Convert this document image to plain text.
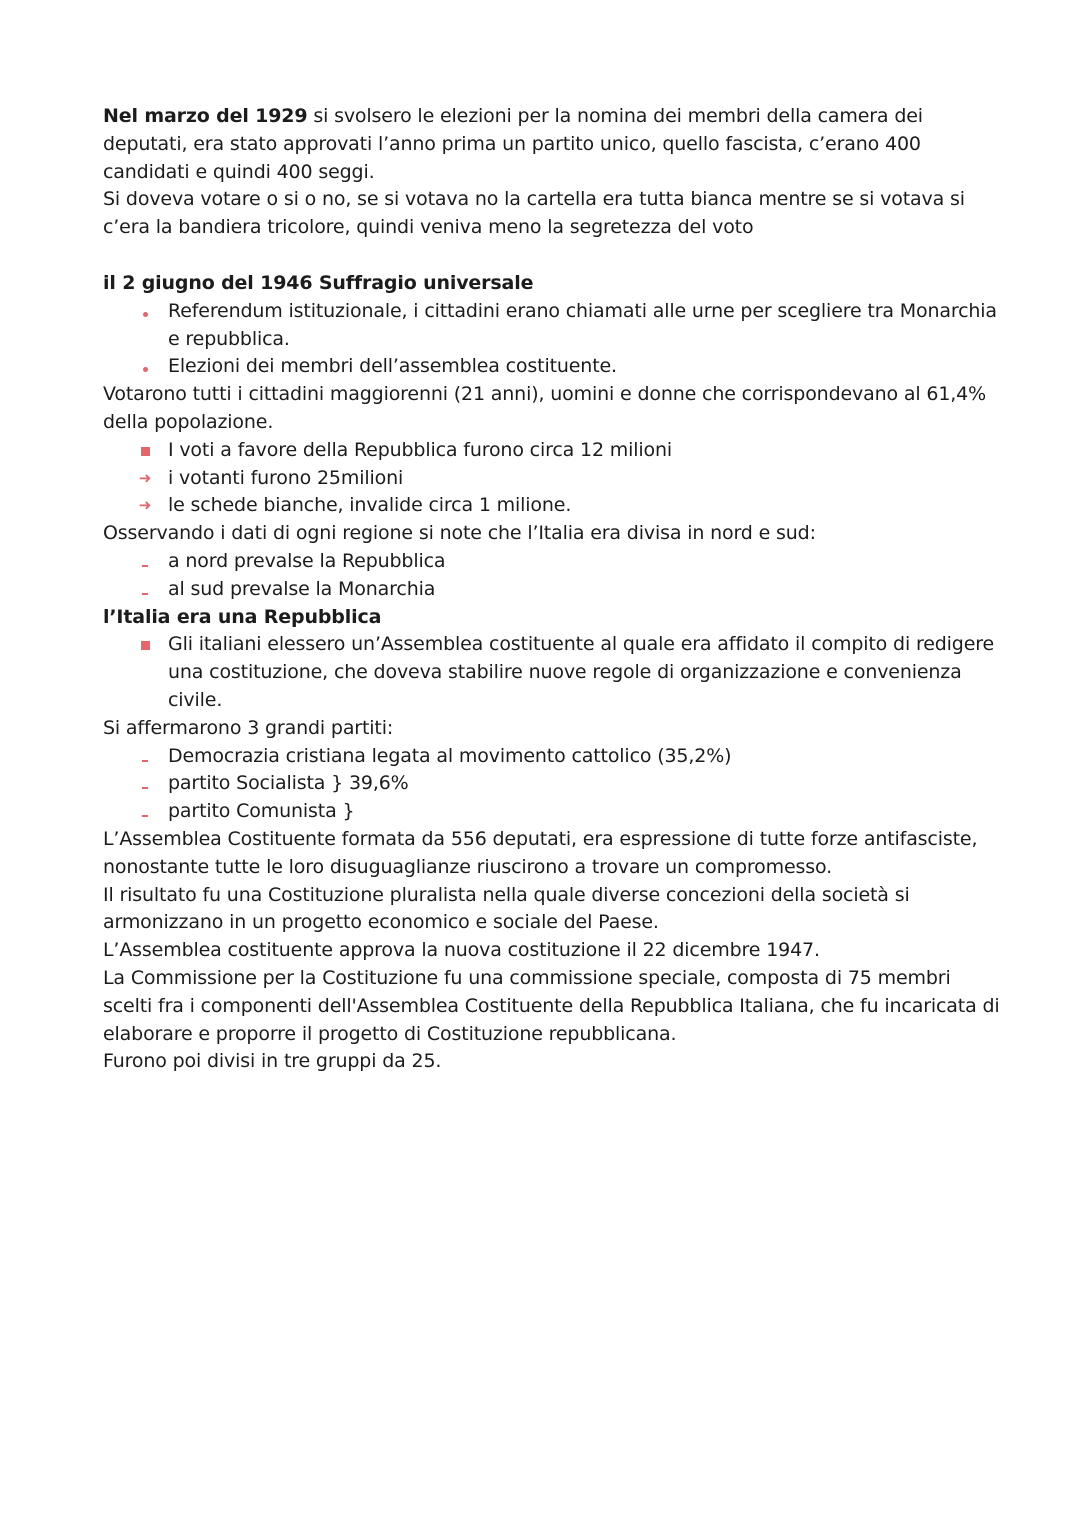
Nel marzo del 1929 si svolsero le elezioni per la nomina dei membri della camera dei deputati, era stato approvati l’anno prima un partito unico, quello fascista, c’erano 400 candidati e quindi 400 seggi.

Si doveva votare o si o no, se si votava no la cartella era tutta bianca mentre se si votava si c’era la bandiera tricolore, quindi veniva meno la segretezza del voto

il 2 giugno del 1946 Suffragio universale

Referendum istituzionale, i cittadini erano chiamati alle urne per scegliere tra Monarchia e repubblica.
Elezioni dei membri dell’assemblea costituente.

Votarono tutti i cittadini maggiorenni (21 anni), uomini e donne che corrispondevano al 61,4% della popolazione.

I voti a favore della Repubblica furono circa 12 milioni
➜ i votanti furono 25milioni
➜ le schede bianche, invalide circa 1 milione.

Osservando i dati di ogni regione si note che l’Italia era divisa in nord e sud:

a nord prevalse la Repubblica
al sud prevalse la Monarchia

l’Italia era una Repubblica

Gli italiani elessero un’Assemblea costituente al quale era affidato il compito di redigere una costituzione, che doveva stabilire nuove regole di organizzazione e convenienza civile.

Si affermarono 3 grandi partiti:

Democrazia cristiana legata al movimento cattolico (35,2%)
partito Socialista } 39,6%
partito Comunista }

L’Assemblea Costituente formata da 556 deputati, era espressione di tutte forze antifasciste, nonostante tutte le loro disuguaglianze riuscirono a trovare un compromesso.

Il risultato fu una Costituzione pluralista nella quale diverse concezioni della società si armonizzano in un progetto economico e sociale del Paese.

L’Assemblea costituente approva la nuova costituzione il 22 dicembre 1947.

La Commissione per la Costituzione fu una commissione speciale, composta di 75 membri scelti fra i componenti dell'Assemblea Costituente della Repubblica Italiana, che fu incaricata di elaborare e proporre il progetto di Costituzione repubblicana.

Furono poi divisi in tre gruppi da 25.
